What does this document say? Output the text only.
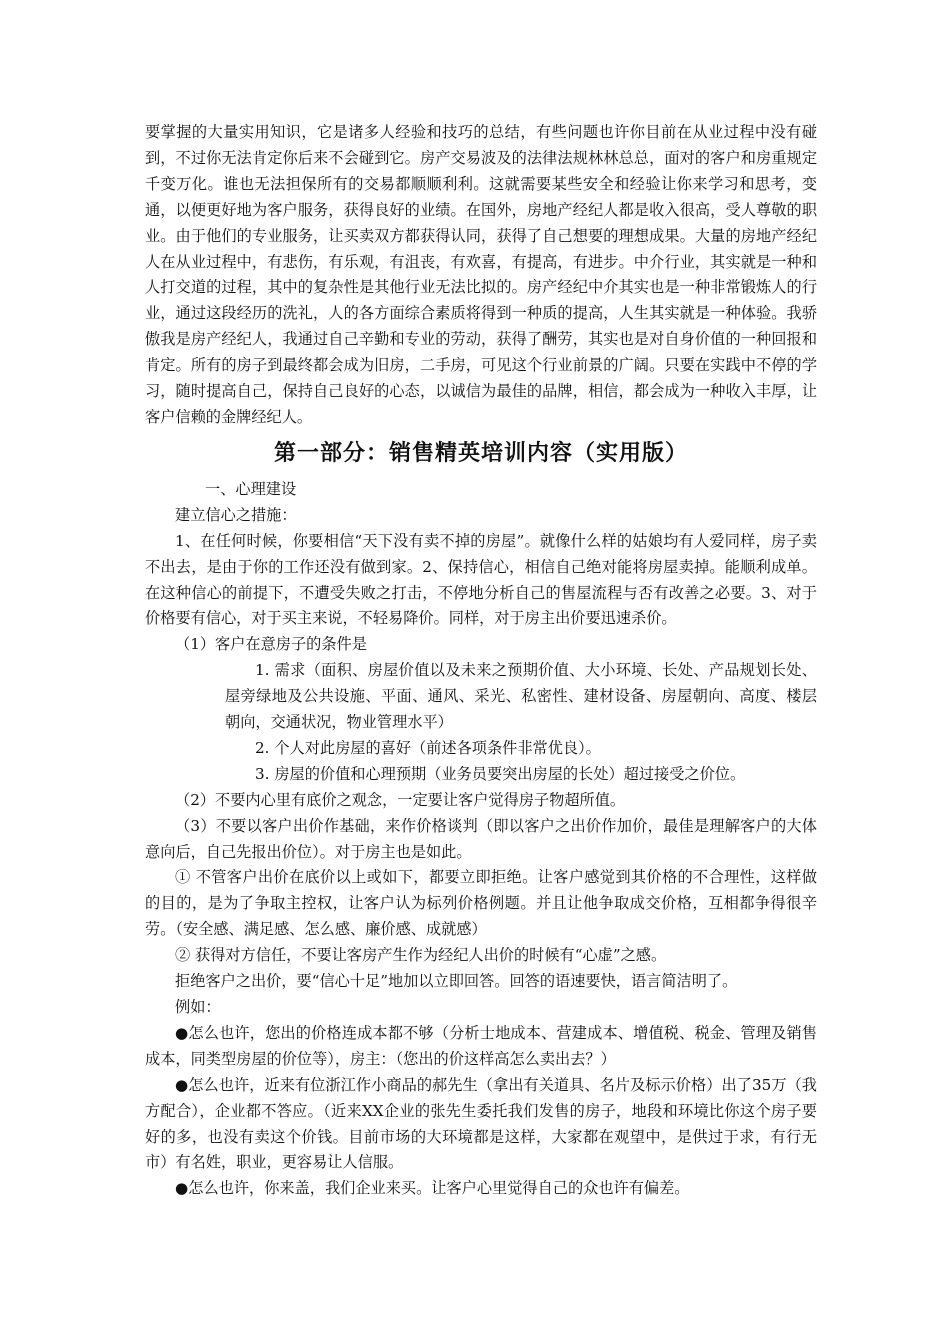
要掌握的大量实用知识，它是诸多人经验和技巧的总结，有些问题也许你目前在从业过程中没有碰到，不过你无法肯定你后来不会碰到它。房产交易波及的法律法规林林总总，面对的客户和房重规定千变万化。谁也无法担保所有的交易都顺顺利利。这就需要某些安全和经验让你来学习和思考，变通，以便更好地为客户服务，获得良好的业绩。在国外，房地产经纪人都是收入很高，受人尊敬的职业。由于他们的专业服务，让买卖双方都获得认同，获得了自己想要的理想成果。大量的房地产经纪人在从业过程中，有悲伤，有乐观，有沮丧，有欢喜，有提高，有进步。中介行业，其实就是一种和人打交道的过程，其中的复杂性是其他行业无法比拟的。房产经纪中介其实也是一种非常锻炼人的行业，通过这段经历的洗礼，人的各方面综合素质将得到一种质的提高，人生其实就是一种体验。我骄傲我是房产经纪人，我通过自己辛勤和专业的劳动，获得了酬劳，其实也是对自身价值的一种回报和肯定。所有的房子到最终都会成为旧房，二手房，可见这个行业前景的广阔。只要在实践中不停的学习，随时提高自己，保持自己良好的心态，以诚信为最佳的品牌，相信，都会成为一种收入丰厚，让客户信赖的金牌经纪人。

第一部分：销售精英培训内容（实用版）

一、心理建设

建立信心之措施：

1、在任何时候，你要相信“天下没有卖不掉的房屋”。就像什么样的姑娘均有人爱同样，房子卖不出去，是由于你的工作还没有做到家。2、保持信心，相信自己绝对能将房屋卖掉。能顺利成单。在这种信心的前提下，不遭受失败之打击，不停地分析自己的售屋流程与否有改善之必要。3、对于价格要有信心，对于买主来说，不轻易降价。同样，对于房主出价要迅速杀价。

（1）客户在意房子的条件是

1. 需求（面积、房屋价值以及未来之预期价值、大小环境、长处、产品规划长处、屋旁绿地及公共设施、平面、通风、采光、私密性、建材设备、房屋朝向、高度、楼层朝向，交通状况，物业管理水平）

2. 个人对此房屋的喜好（前述各项条件非常优良）。

3. 房屋的价值和心理预期（业务员要突出房屋的长处）超过接受之价位。

（2）不要内心里有底价之观念，一定要让客户觉得房子物超所值。

（3）不要以客户出价作基础，来作价格谈判（即以客户之出价作加价，最佳是理解客户的大体意向后，自己先报出价位）。对于房主也是如此。

① 不管客户出价在底价以上或如下，都要立即拒绝。让客户感觉到其价格的不合理性，这样做的目的，是为了争取主控权，让客户认为标列价格例题。并且让他争取成交价格，互相都争得很辛劳。（安全感、满足感、怎么感、廉价感、成就感）

② 获得对方信任，不要让客房产生作为经纪人出价的时候有“心虚”之感。

拒绝客户之出价，要“信心十足”地加以立即回答。回答的语速要快，语言简洁明了。

例如：

●怎么也许，您出的价格连成本都不够（分析士地成本、营建成本、增值税、税金、管理及销售成本，同类型房屋的价位等），房主：（您出的价这样高怎么卖出去？）

●怎么也许，近来有位浙江作小商品的郝先生（拿出有关道具、名片及标示价格）出了35万（我方配合），企业都不答应。（近来XX企业的张先生委托我们发售的房子，地段和环境比你这个房子要好的多，也没有卖这个价钱。目前市场的大环境都是这样，大家都在观望中，是供过于求，有行无市）有名姓，职业，更容易让人信服。

●怎么也许，你来盖，我们企业来买。让客户心里觉得自己的众也许有偏差。
